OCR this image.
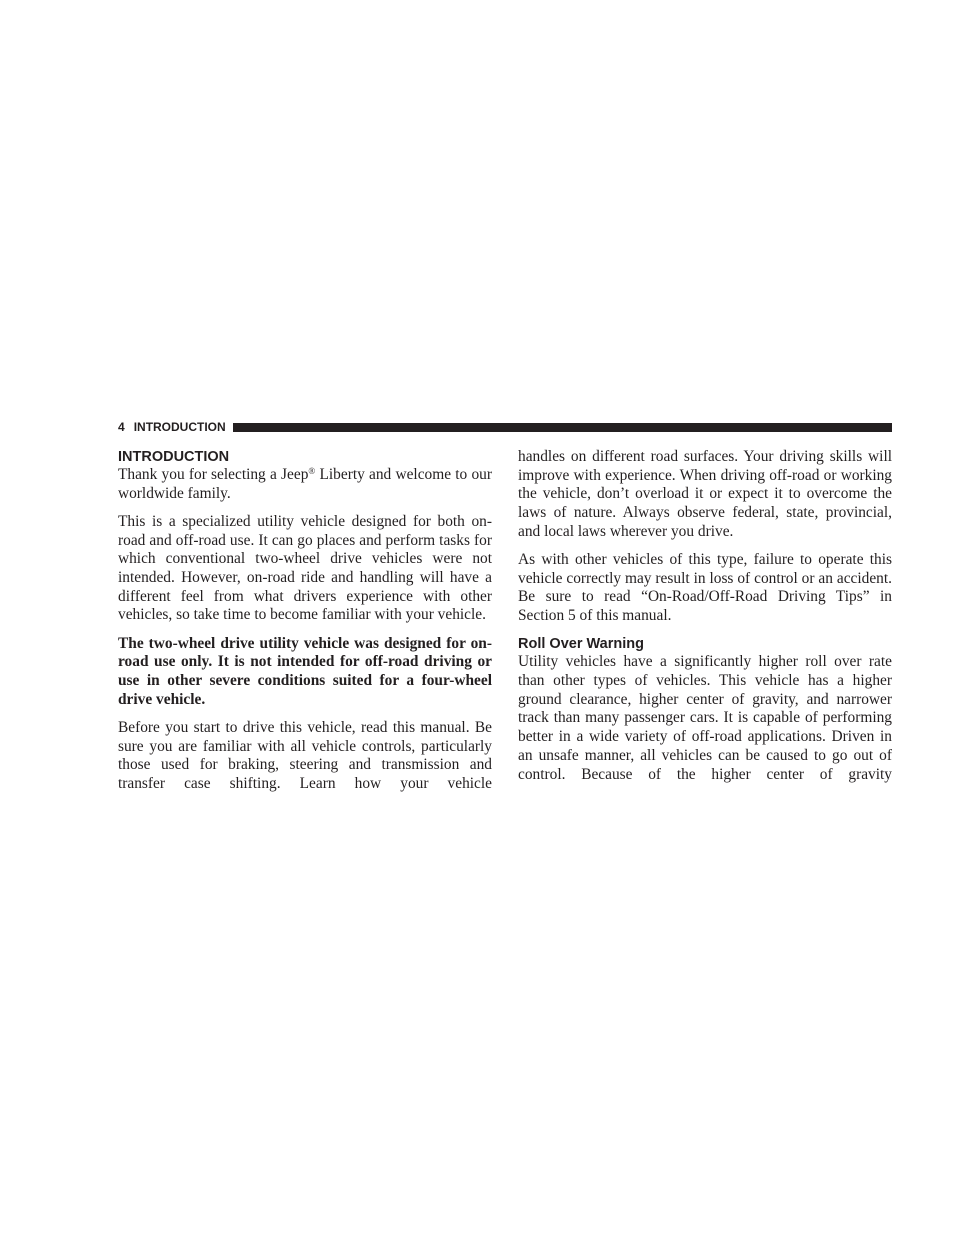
4 INTRODUCTION
INTRODUCTION

Thank you for selecting a Jeep® Liberty and welcome to our worldwide family.

This is a specialized utility vehicle designed for both on-road and off-road use. It can go places and perform tasks for which conventional two-wheel drive vehicles were not intended. However, on-road ride and handling will have a different feel from what drivers experience with other vehicles, so take time to become familiar with your vehicle.

The two-wheel drive utility vehicle was designed for on-road use only. It is not intended for off-road driving or use in other severe conditions suited for a four-wheel drive vehicle.

Before you start to drive this vehicle, read this manual. Be sure you are familiar with all vehicle controls, particularly those used for braking, steering and transmission and transfer case shifting. Learn how your vehicle

handles on different road surfaces. Your driving skills will improve with experience. When driving off-road or working the vehicle, don’t overload it or expect it to overcome the laws of nature. Always observe federal, state, provincial, and local laws wherever you drive.

As with other vehicles of this type, failure to operate this vehicle correctly may result in loss of control or an accident. Be sure to read “On-Road/Off-Road Driving Tips” in Section 5 of this manual.

Roll Over Warning

Utility vehicles have a significantly higher roll over rate than other types of vehicles. This vehicle has a higher ground clearance, higher center of gravity, and narrower track than many passenger cars. It is capable of performing better in a wide variety of off-road applications. Driven in an unsafe manner, all vehicles can be caused to go out of control. Because of the higher center of gravity
